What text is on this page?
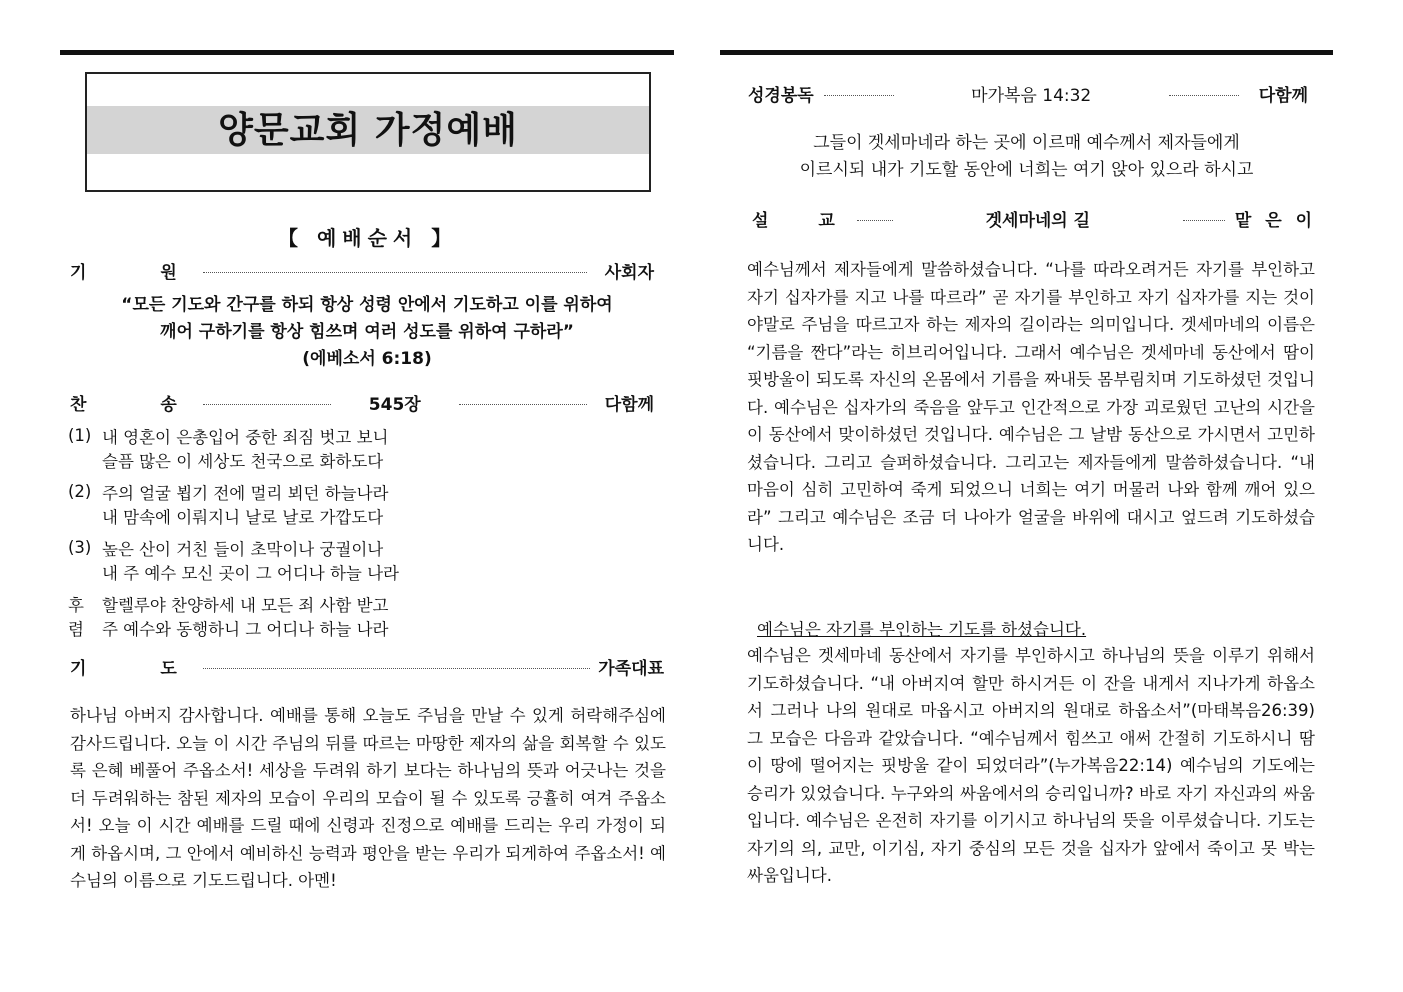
양문교회 가정예배
【 예배순서 】
기 원	사회자
“모든 기도와 간구를 하되 항상 성령 안에서 기도하고 이를 위하여
깨어 구하기를 항상 힘쓰며 여러 성도를 위하여 구하라”
(에베소서 6:18)
찬 송	545장	다함께
(1) 내 영혼이 은총입어 중한 죄짐 벗고 보니
슬픔 많은 이 세상도 천국으로 화하도다
(2) 주의 얼굴 뵙기 전에 멀리 뵈던 하늘나라
내 맘속에 이뤄지니 날로 날로 가깝도다
(3) 높은 산이 거친 들이 초막이나 궁궐이나
내 주 예수 모신 곳이 그 어디나 하늘 나라
후
렴
할렐루야 찬양하세 내 모든 죄 사함 받고
주 예수와 동행하니 그 어디나 하늘 나라
기 도	가족대표
하나님 아버지 감사합니다. 예배를 통해 오늘도 주님을 만날 수 있게 허락해주심에 감사드립니다. 오늘 이 시간 주님의 뒤를 따르는 마땅한 제자의 삶을 회복할 수 있도록 은혜 베풀어 주옵소서! 세상을 두려워 하기 보다는 하나님의 뜻과 어긋나는 것을 더 두려워하는 참된 제자의 모습이 우리의 모습이 될 수 있도록 긍휼히 여겨 주옵소서! 오늘 이 시간 예배를 드릴 때에 신령과 진정으로 예배를 드리는 우리 가정이 되게 하옵시며, 그 안에서 예비하신 능력과 평안을 받는 우리가 되게하여 주옵소서! 예수님의 이름으로 기도드립니다. 아멘!
성경봉독	마가복음 14:32	다함께
그들이 겟세마네라 하는 곳에 이르매 예수께서 제자들에게
이르시되 내가 기도할 동안에 너희는 여기 앉아 있으라 하시고
설 교	겟세마네의 길	맡 은 이
예수님께서 제자들에게 말씀하셨습니다. “나를 따라오려거든 자기를 부인하고 자기 십자가를 지고 나를 따르라” 곧 자기를 부인하고 자기 십자가를 지는 것이야말로 주님을 따르고자 하는 제자의 길이라는 의미입니다. 겟세마네의 이름은 “기름을 짠다”라는 히브리어입니다. 그래서 예수님은 겟세마네 동산에서 땀이 핏방울이 되도록 자신의 온몸에서 기름을 짜내듯 몸부림치며 기도하셨던 것입니다. 예수님은 십자가의 죽음을 앞두고 인간적으로 가장 괴로웠던 고난의 시간을 이 동산에서 맞이하셨던 것입니다. 예수님은 그 날밤 동산으로 가시면서 고민하셨습니다. 그리고 슬퍼하셨습니다. 그리고는 제자들에게 말씀하셨습니다. “내 마음이 심히 고민하여 죽게 되었으니 너희는 여기 머물러 나와 함께 깨어 있으라” 그리고 예수님은 조금 더 나아가 얼굴을 바위에 대시고 엎드려 기도하셨습니다.
예수님은 자기를 부인하는 기도를 하셨습니다.
예수님은 겟세마네 동산에서 자기를 부인하시고 하나님의 뜻을 이루기 위해서 기도하셨습니다. “내 아버지여 할만 하시거든 이 잔을 내게서 지나가게 하옵소서 그러나 나의 원대로 마옵시고 아버지의 원대로 하옵소서”(마태복음26:39) 그 모습은 다음과 같았습니다. “예수님께서 힘쓰고 애써 간절히 기도하시니 땀이 땅에 떨어지는 핏방울 같이 되었더라”(누가복음22:14) 예수님의 기도에는 승리가 있었습니다. 누구와의 싸움에서의 승리입니까? 바로 자기 자신과의 싸움입니다. 예수님은 온전히 자기를 이기시고 하나님의 뜻을 이루셨습니다. 기도는 자기의 의, 교만, 이기심, 자기 중심의 모든 것을 십자가 앞에서 죽이고 못 박는 싸움입니다.
